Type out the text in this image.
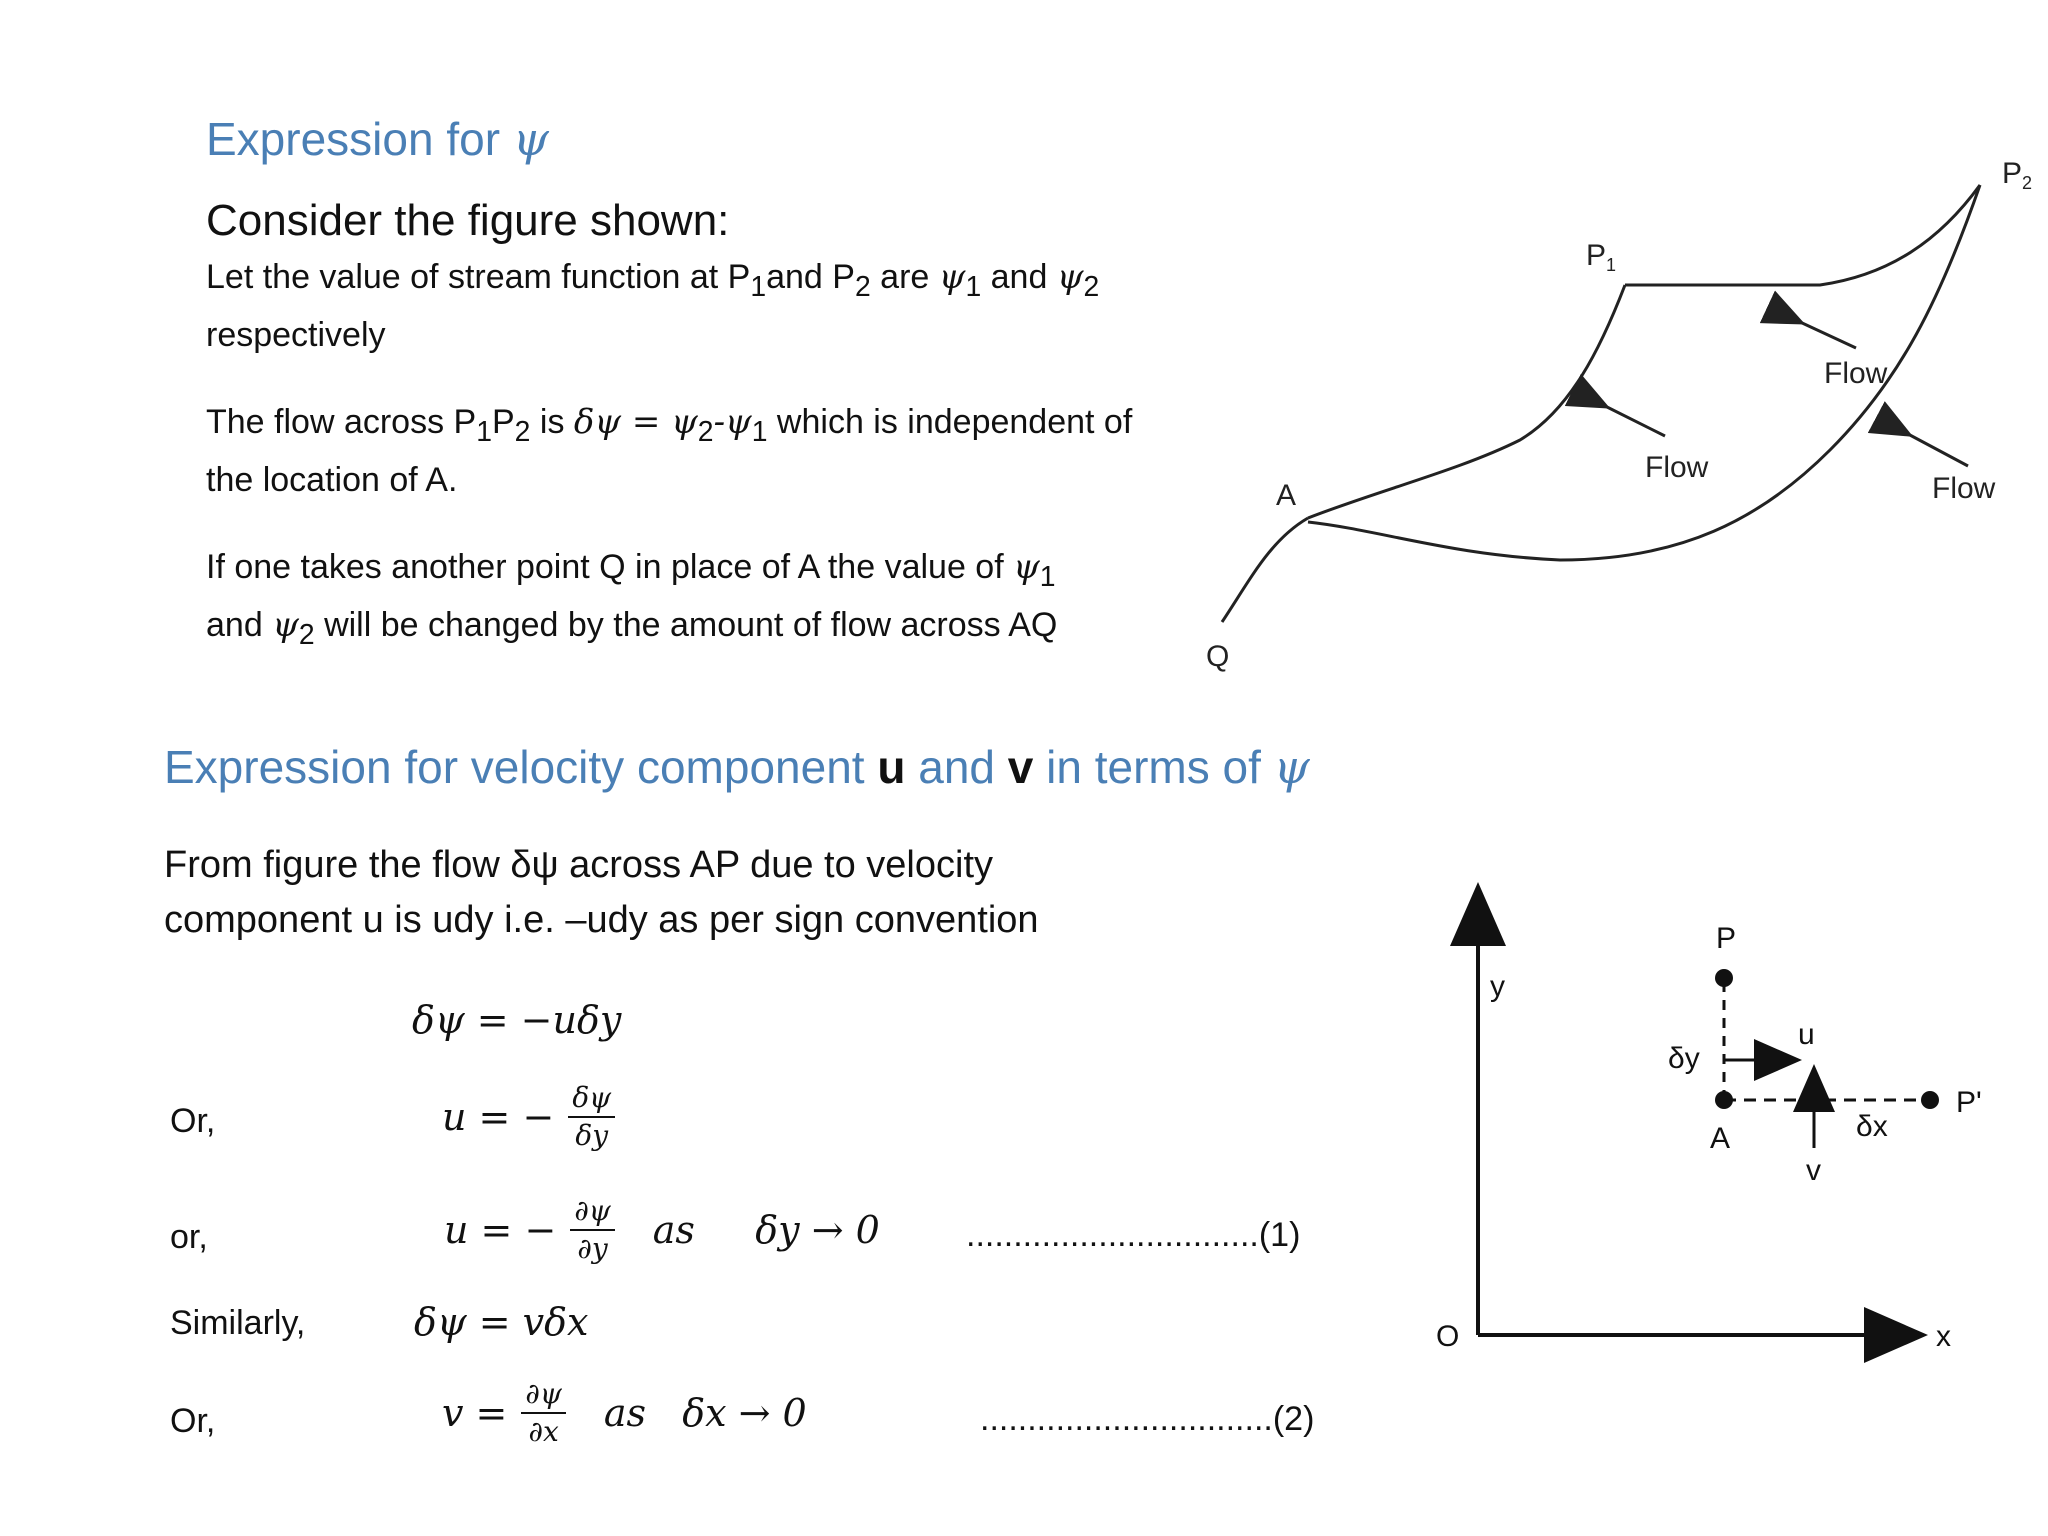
Expression for ψ
Consider the figure shown:
Let the value of stream function at $P_1and$ $P_2$ are $\psi_1$ and $\psi_2$
respectively
The flow across $P_1P_2$ is $\delta\psi = \psi_2-\psi_1$ which is independent of
the location of A.
If one takes another point Q in place of A the value of $\psi_1$
and $\psi_2$ will be changed by the amount of flow across AQ
$P_1$
$P_2$
A
Q
Flow
Flow
Flow
Expression for velocity component u and v in terms of ψ
From figure the flow δψ across AP due to velocity
component u is udy i.e. –udy as per sign convention
δψ = −uδy
Or,	u = − $\frac{\delta\psi}{\delta y}$
or,	u = − $\frac{\partial\psi}{\partial y}$ as     δy → 0	...............................(1)
Similarly,	δψ = vδx
Or,	$v = \frac{\partial\psi}{\partial x}$ as   δx → 0	...............................(2)
y
x
O
P
A
P'
u
v
δy
δx
